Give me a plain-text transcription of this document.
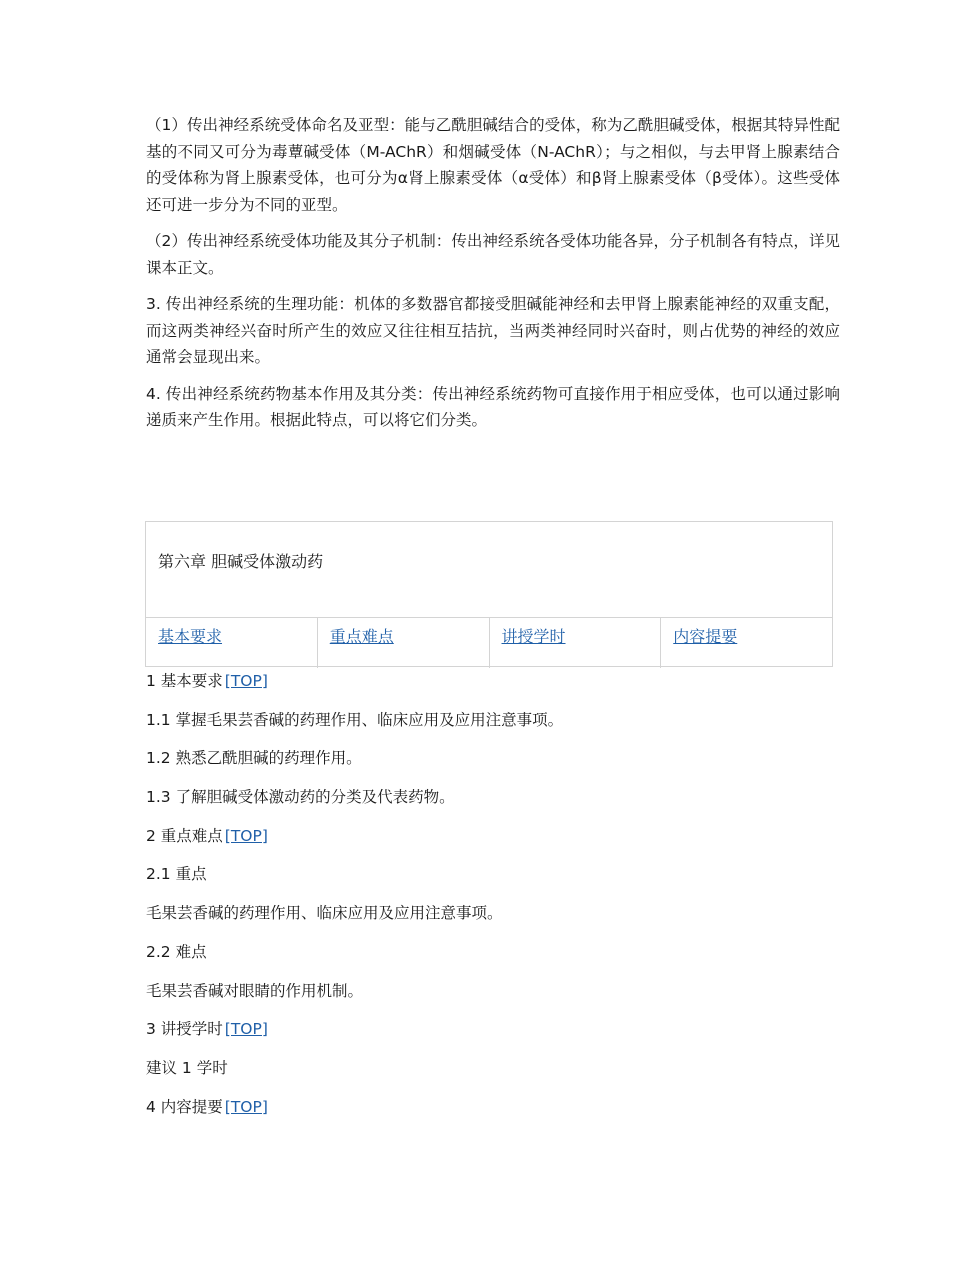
（1）传出神经系统受体命名及亚型：能与乙酰胆碱结合的受体，称为乙酰胆碱受体，根据其特异性配基的不同又可分为毒蕈碱受体（M-AChR）和烟碱受体（N-AChR）；与之相似，与去甲肾上腺素结合的受体称为肾上腺素受体，也可分为α肾上腺素受体（α受体）和β肾上腺素受体（β受体）。这些受体还可进一步分为不同的亚型。

（2）传出神经系统受体功能及其分子机制：传出神经系统各受体功能各异，分子机制各有特点，详见课本正文。

3. 传出神经系统的生理功能：机体的多数器官都接受胆碱能神经和去甲肾上腺素能神经的双重支配，而这两类神经兴奋时所产生的效应又往往相互拮抗，当两类神经同时兴奋时，则占优势的神经的效应通常会显现出来。

4. 传出神经系统药物基本作用及其分类：传出神经系统药物可直接作用于相应受体，也可以通过影响递质来产生作用。根据此特点，可以将它们分类。

第六章 胆碱受体激动药
基本要求	重点难点	讲授学时	内容提要
1 基本要求 [TOP]
1.1 掌握毛果芸香碱的药理作用、临床应用及应用注意事项。
1.2 熟悉乙酰胆碱的药理作用。
1.3 了解胆碱受体激动药的分类及代表药物。
2 重点难点 [TOP]
2.1 重点
毛果芸香碱的药理作用、临床应用及应用注意事项。
2.2 难点
毛果芸香碱对眼睛的作用机制。
3 讲授学时 [TOP]
建议 1 学时
4 内容提要 [TOP]
